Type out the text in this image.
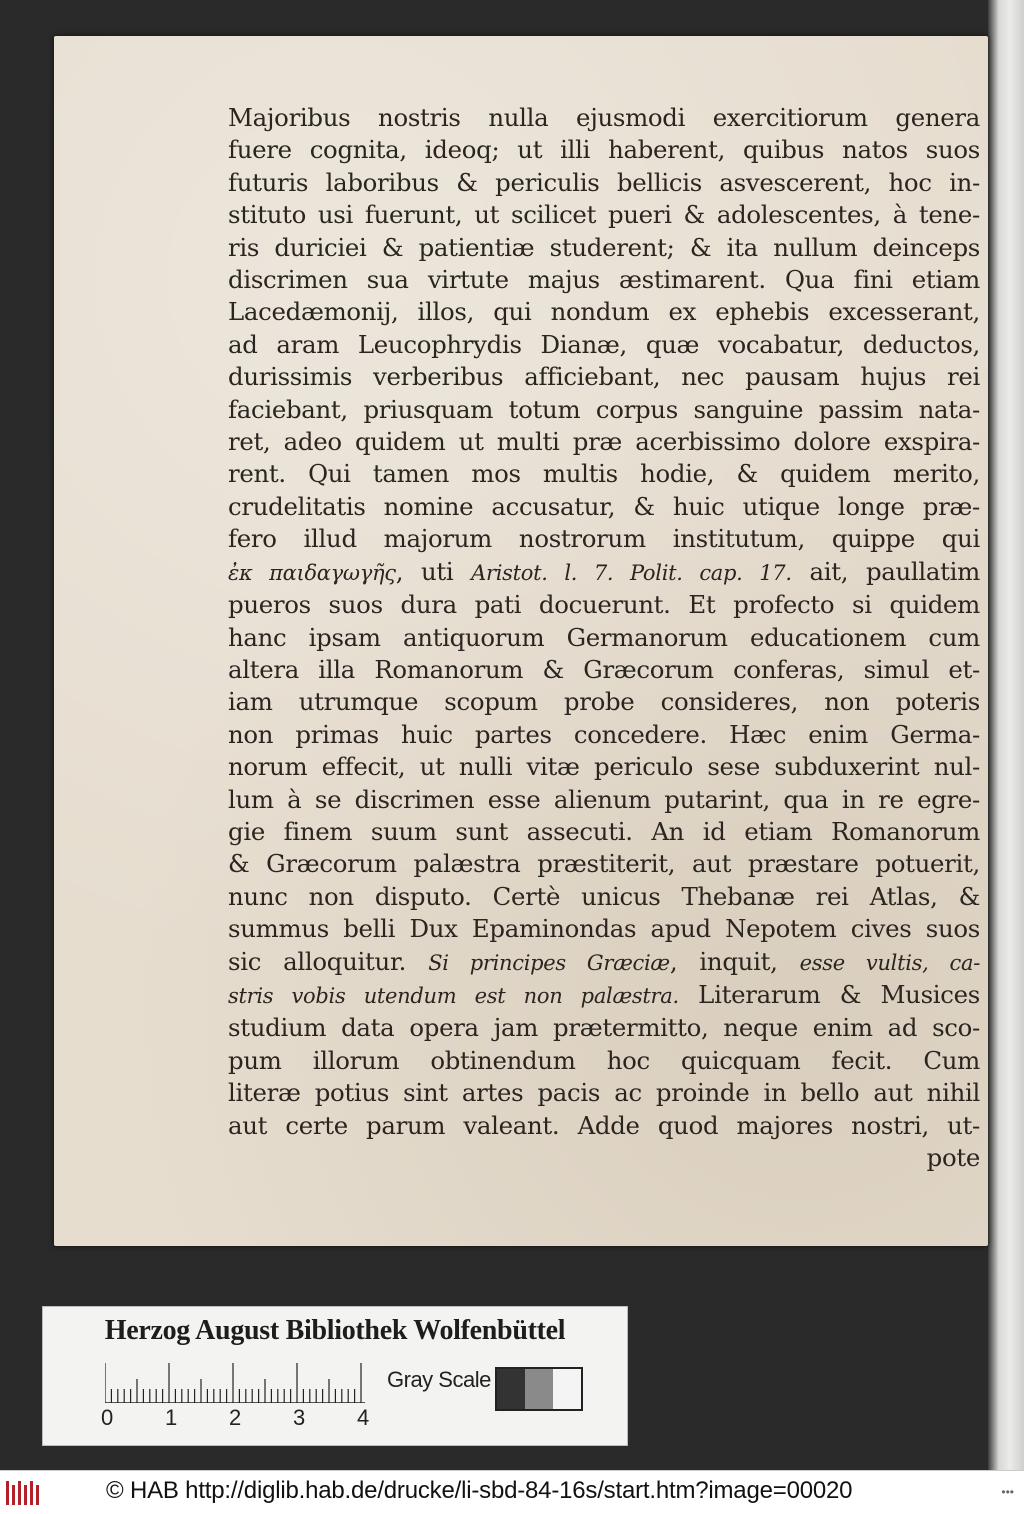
Majoribus nostris nulla ejusmodi exercitiorum genera
fuere cognita, ideoq; ut illi haberent, quibus natos suos
futuris laboribus & periculis bellicis asvescerent, hoc in-
stituto usi fuerunt, ut scilicet pueri & adolescentes, à tene-
ris duriciei & patientiæ studerent; & ita nullum deinceps
discrimen sua virtute majus æstimarent. Qua fini etiam
Lacedæmonij, illos, qui nondum ex ephebis excesserant,
ad aram Leucophrydis Dianæ, quæ vocabatur, deductos,
durissimis verberibus afficiebant, nec pausam hujus rei
faciebant, priusquam totum corpus sanguine passim nata-
ret, adeo quidem ut multi præ acerbissimo dolore exspira-
rent. Qui tamen mos multis hodie, & quidem merito,
crudelitatis nomine accusatur, & huic utique longe præ-
fero illud majorum nostrorum institutum, quippe qui
ἐκ παιδαγωγῆς, uti Aristot. l. 7. Polit. cap. 17. ait, paullatim
pueros suos dura pati docuerunt. Et profecto si quidem
hanc ipsam antiquorum Germanorum educationem cum
altera illa Romanorum & Græcorum conferas, simul et-
iam utrumque scopum probe consideres, non poteris
non primas huic partes concedere. Hæc enim Germa-
norum effecit, ut nulli vitæ periculo sese subduxerint nul-
lum à se discrimen esse alienum putarint, qua in re egre-
gie finem suum sunt assecuti. An id etiam Romanorum
& Græcorum palæstra præstiterit, aut præstare potuerit,
nunc non disputo. Certè unicus Thebanæ rei Atlas, &
summus belli Dux Epaminondas apud Nepotem cives suos
sic alloquitur. Si principes Græciæ, inquit, esse vultis, ca-
stris vobis utendum est non palæstra. Literarum & Musices
studium data opera jam prætermitto, neque enim ad sco-
pum illorum obtinendum hoc quicquam fecit. Cum
literæ potius sint artes pacis ac proinde in bello aut nihil
aut certe parum valeant. Adde quod majores nostri, ut-
pote
Herzog August Bibliothek Wolfenbüttel
0 1 2 3 4
Gray Scale
© HAB http://diglib.hab.de/drucke/li-sbd-84-16s/start.htm?image=00020	•••
